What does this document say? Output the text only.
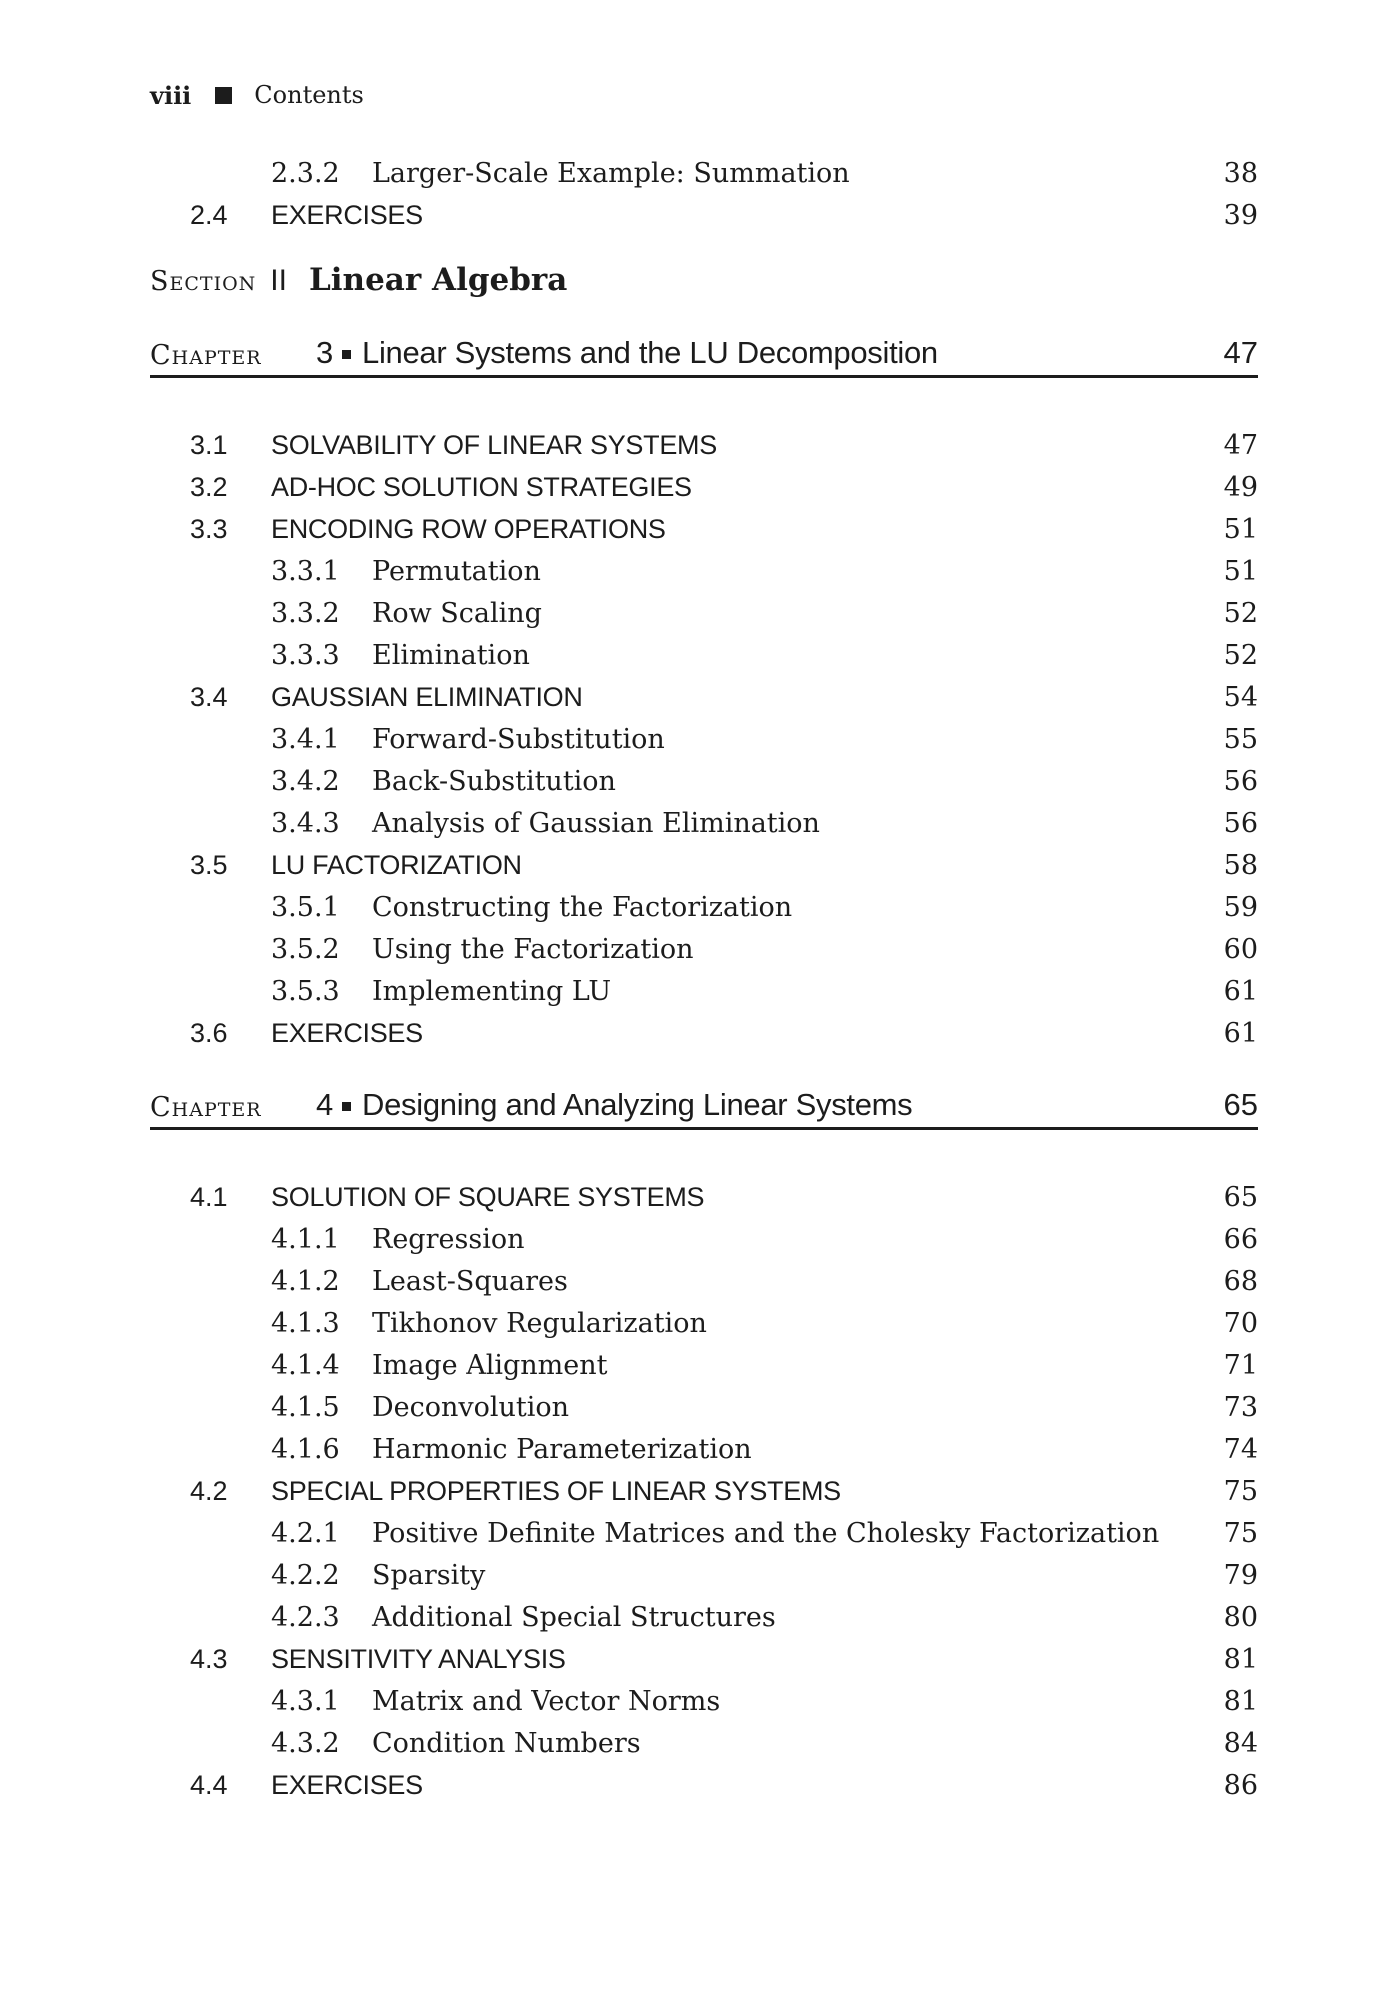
viii	Contents
2.3.2 Larger-Scale Example: Summation	38
2.4 EXERCISES	39
Section II Linear Algebra
Chapter 3 Linear Systems and the LU Decomposition	47
3.1 SOLVABILITY OF LINEAR SYSTEMS	47
3.2 AD-HOC SOLUTION STRATEGIES	49
3.3 ENCODING ROW OPERATIONS	51
3.3.1 Permutation	51
3.3.2 Row Scaling	52
3.3.3 Elimination	52
3.4 GAUSSIAN ELIMINATION	54
3.4.1 Forward-Substitution	55
3.4.2 Back-Substitution	56
3.4.3 Analysis of Gaussian Elimination	56
3.5 LU FACTORIZATION	58
3.5.1 Constructing the Factorization	59
3.5.2 Using the Factorization	60
3.5.3 Implementing LU	61
3.6 EXERCISES	61
Chapter 4 Designing and Analyzing Linear Systems	65
4.1 SOLUTION OF SQUARE SYSTEMS	65
4.1.1 Regression	66
4.1.2 Least-Squares	68
4.1.3 Tikhonov Regularization	70
4.1.4 Image Alignment	71
4.1.5 Deconvolution	73
4.1.6 Harmonic Parameterization	74
4.2 SPECIAL PROPERTIES OF LINEAR SYSTEMS	75
4.2.1 Positive Definite Matrices and the Cholesky Factorization 75
4.2.2 Sparsity	79
4.2.3 Additional Special Structures	80
4.3 SENSITIVITY ANALYSIS	81
4.3.1 Matrix and Vector Norms	81
4.3.2 Condition Numbers	84
4.4 EXERCISES	86
